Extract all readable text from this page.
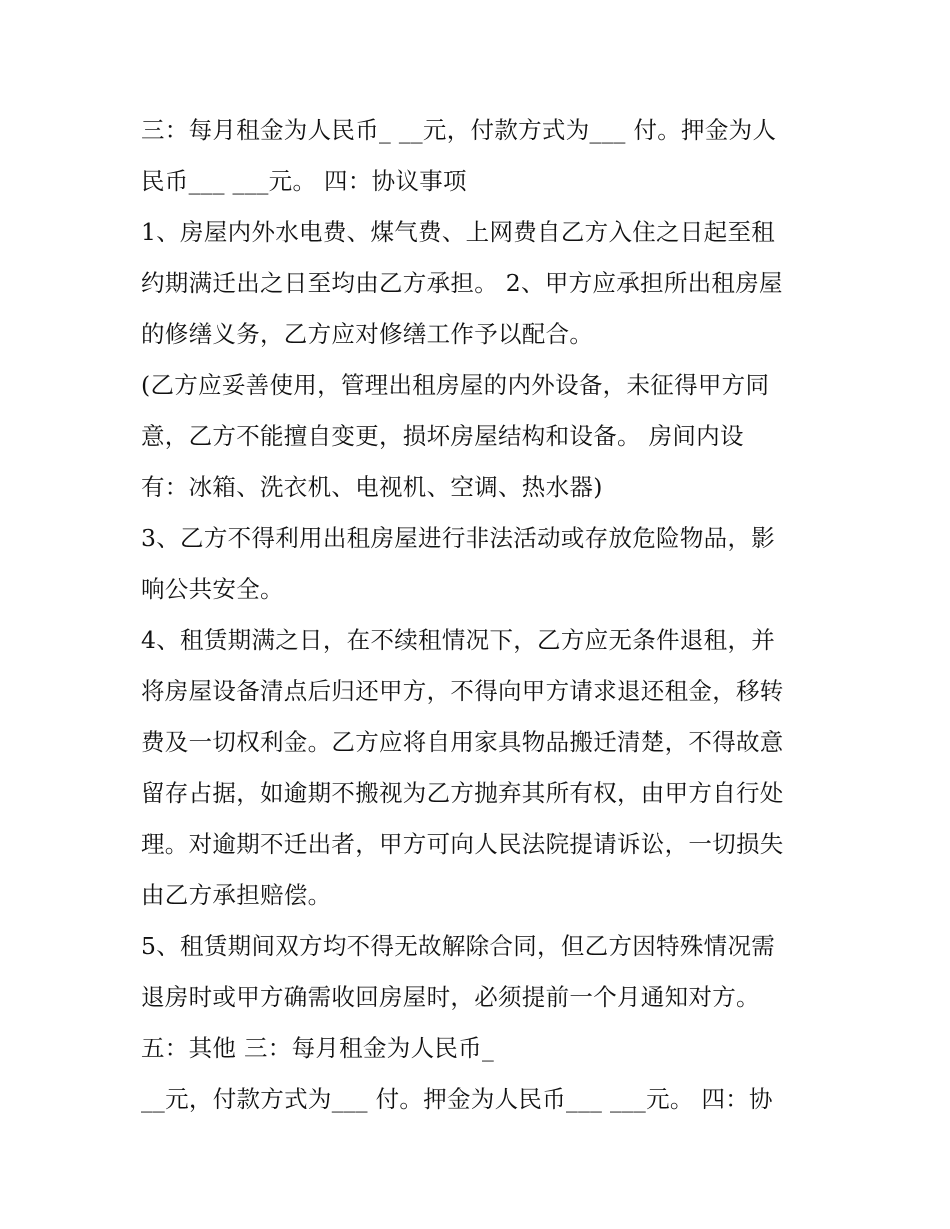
三：每月租金为人民币_ __元，付款方式为___ 付。押金为人
民币___ ___元。 四：协议事项
1、房屋内外水电费、煤气费、上网费自乙方入住之日起至租
约期满迁出之日至均由乙方承担。 2、甲方应承担所出租房屋
的修缮义务，乙方应对修缮工作予以配合。
(乙方应妥善使用，管理出租房屋的内外设备，未征得甲方同
意，乙方不能擅自变更，损坏房屋结构和设备。 房间内设
有：冰箱、洗衣机、电视机、空调、热水器)
3、乙方不得利用出租房屋进行非法活动或存放危险物品，影
响公共安全。
4、租赁期满之日，在不续租情况下，乙方应无条件退租，并
将房屋设备清点后归还甲方，不得向甲方请求退还租金，移转
费及一切权利金。乙方应将自用家具物品搬迁清楚，不得故意
留存占据，如逾期不搬视为乙方抛弃其所有权，由甲方自行处
理。对逾期不迁出者，甲方可向人民法院提请诉讼，一切损失
由乙方承担赔偿。
5、租赁期间双方均不得无故解除合同，但乙方因特殊情况需
退房时或甲方确需收回房屋时，必须提前一个月通知对方。
五：其他 三：每月租金为人民币_
__元，付款方式为___ 付。押金为人民币___ ___元。 四：协
